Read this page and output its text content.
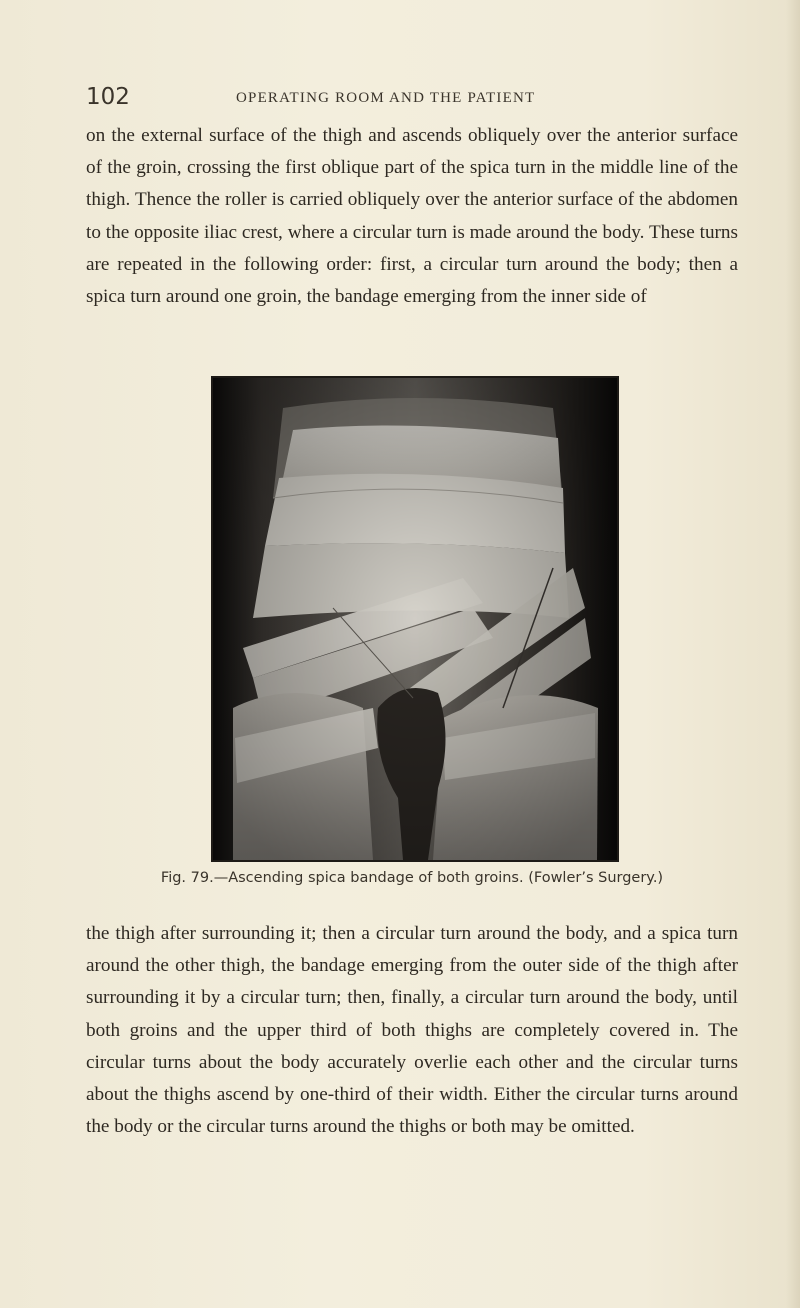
102	OPERATING ROOM AND THE PATIENT
on the external surface of the thigh and ascends obliquely over the anterior surface of the groin, crossing the first oblique part of the spica turn in the middle line of the thigh. Thence the roller is carried obliquely over the anterior surface of the abdomen to the opposite iliac crest, where a circular turn is made around the body. These turns are repeated in the following order: first, a circular turn around the body; then a spica turn around one groin, the bandage emerging from the inner side of
Fig. 79.—Ascending spica bandage of both groins. (Fowler’s Surgery.)
the thigh after surrounding it; then a circular turn around the body, and a spica turn around the other thigh, the bandage emerging from the outer side of the thigh after surrounding it by a circular turn; then, finally, a circular turn around the body, until both groins and the upper third of both thighs are completely covered in. The circular turns about the body accurately overlie each other and the circular turns about the thighs ascend by one-third of their width. Either the circular turns around the body or the circular turns around the thighs or both may be omitted.
